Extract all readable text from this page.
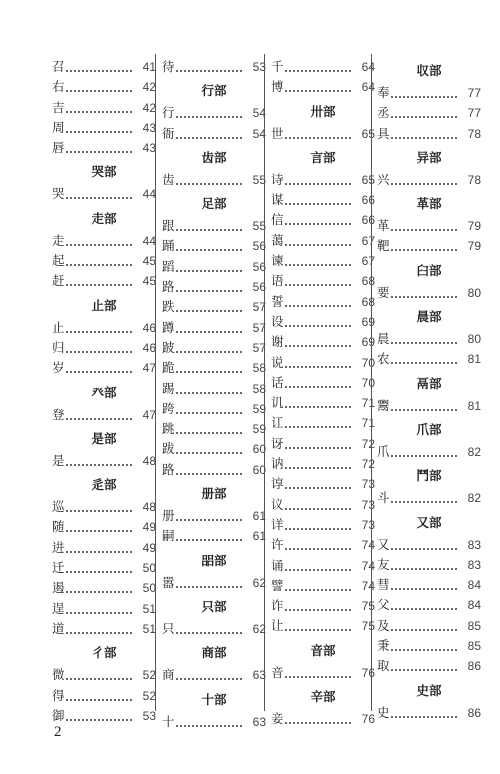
召	41
右	42
吉	42
周	43
唇	43
哭部
哭	44
走部
走	44
起	45
赶	45
止部
止	46
归	46
岁	47
癶部
登	47
是部
是	48
辵部
巡	48
随	49
进	49
迁	50
遏	50
逞	51
道	51
彳部
微	52
得	52
御	53
待	53
行部
行	54
衙	54
齿部
齿	55
足部
跟	55
踊	56
蹈	56
路	56
跌	57
蹲	57
跛	57
跪	58
踢	58
跨	59
跳	59
跋	60
路	60
册部
册	61
嗣	61
㗊部
嚣	62
只部
只	62
商部
商	63
十部
十	63
千	64
博	64
卅部
世	65
言部
诗	65
谋	66
信	66
蔼	67
谏	67
语	68
誓	68
设	69
谢	69
说	70
话	70
讥	71
讧	71
讶	72
讷	72
谆	73
议	73
详	73
许	74
诵	74
譬	74
诈	75
让	75
音部
音	76
辛部
妾	76
収部
奉	77
丞	77
具	78
异部
兴	78
革部
革	79
靶	79
臼部
要	80
晨部
晨	80
农	81
鬲部
鬻	81
爪部
爪	82
鬥部
斗	82
又部
又	83
友	83
彗	84
父	84
及	85
秉	85
取	86
史部
史	86
2
